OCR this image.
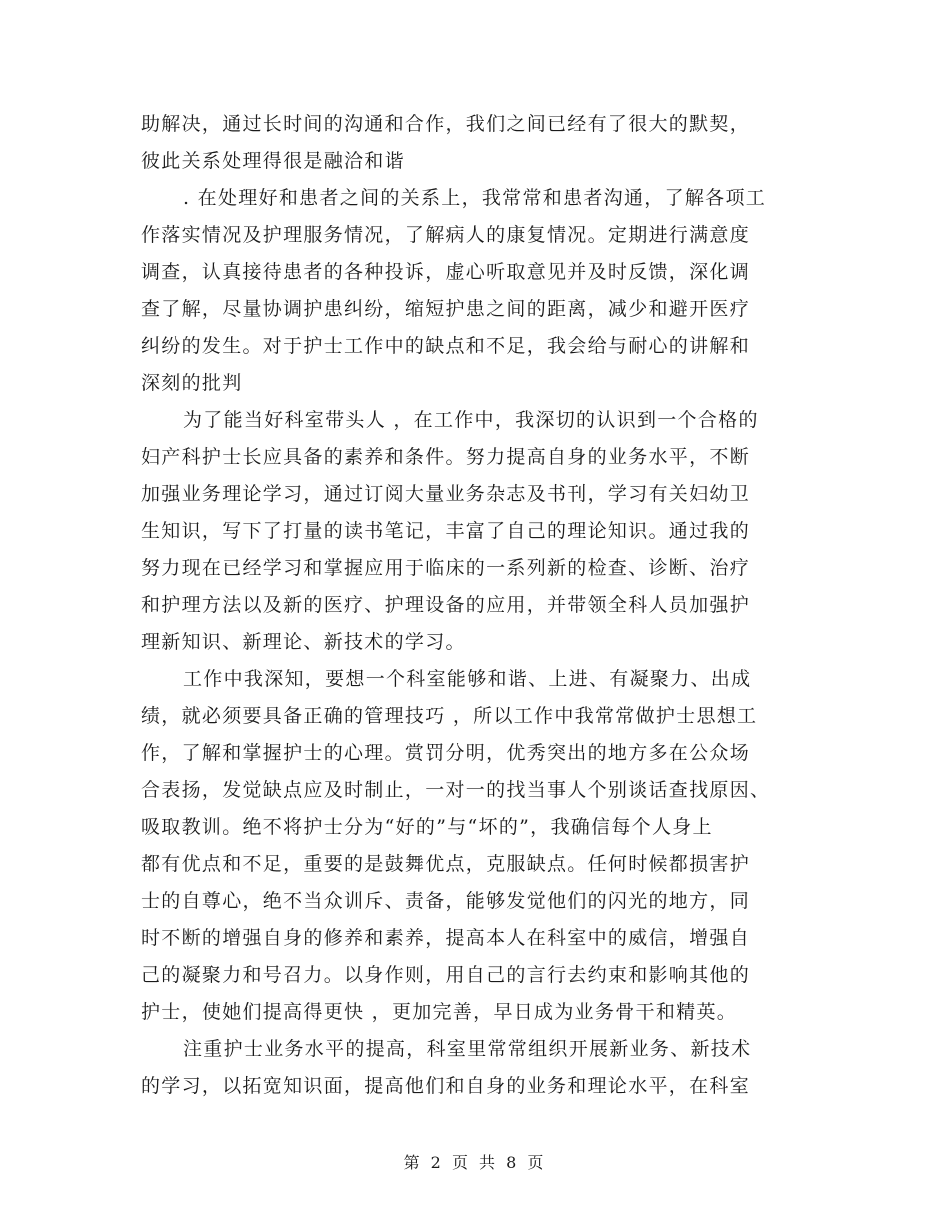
助解决，通过长时间的沟通和合作，我们之间已经有了很大的默契，
彼此关系处理得很是融洽和谐
. 在处理好和患者之间的关系上，我常常和患者沟通，了解各项工
作落实情况及护理服务情况，了解病人的康复情况。定期进行满意度
调查，认真接待患者的各种投诉，虚心听取意见并及时反馈，深化调
查了解，尽量协调护患纠纷，缩短护患之间的距离，减少和避开医疗
纠纷的发生。对于护士工作中的缺点和不足，我会给与耐心的讲解和
深刻的批判
为了能当好科室带头人 ，在工作中，我深切的认识到一个合格的
妇产科护士长应具备的素养和条件。努力提高自身的业务水平，不断
加强业务理论学习，通过订阅大量业务杂志及书刊，学习有关妇幼卫
生知识，写下了打量的读书笔记，丰富了自己的理论知识。通过我的
努力现在已经学习和掌握应用于临床的一系列新的检查、诊断、治疗
和护理方法以及新的医疗、护理设备的应用，并带领全科人员加强护
理新知识、新理论、新技术的学习。
工作中我深知，要想一个科室能够和谐、上进、有凝聚力、出成
绩，就必须要具备正确的管理技巧 ，所以工作中我常常做护士思想工
作，了解和掌握护士的心理。赏罚分明，优秀突出的地方多在公众场
合表扬，发觉缺点应及时制止，一对一的找当事人个别谈话查找原因、
吸取教训。绝不将护士分为“好的”与“坏的”，我确信每个人身上
都有优点和不足，重要的是鼓舞优点，克服缺点。任何时候都损害护
士的自尊心，绝不当众训斥、责备，能够发觉他们的闪光的地方，同
时不断的增强自身的修养和素养，提高本人在科室中的威信，增强自
己的凝聚力和号召力。以身作则，用自己的言行去约束和影响其他的
护士，使她们提高得更快 ，更加完善，早日成为业务骨干和精英。
注重护士业务水平的提高，科室里常常组织开展新业务、新技术
的学习，以拓宽知识面，提高他们和自身的业务和理论水平，在科室
第 2 页 共 8 页
